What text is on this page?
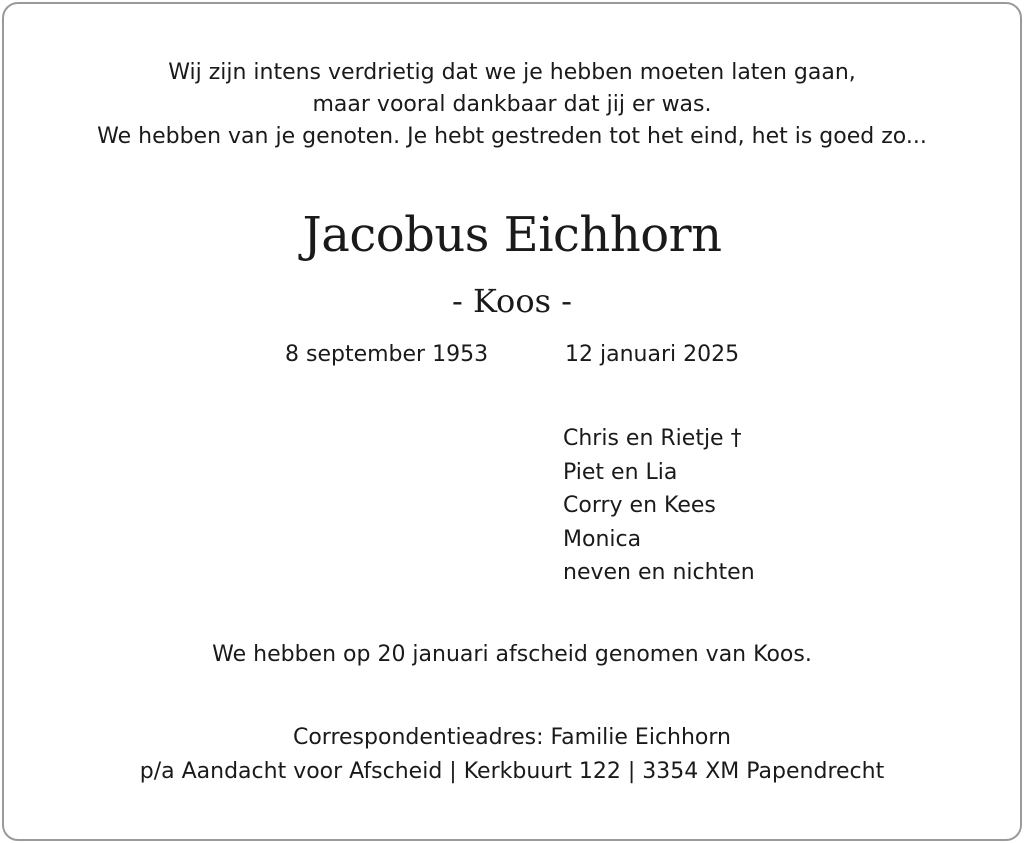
Wij zijn intens verdrietig dat we je hebben moeten laten gaan,
maar vooral dankbaar dat jij er was.
We hebben van je genoten. Je hebt gestreden tot het eind, het is goed zo...
Jacobus Eichhorn
- Koos -
8 september 1953	12 januari 2025
Chris en Rietje †
Piet en Lia
Corry en Kees
Monica
neven en nichten
We hebben op 20 januari afscheid genomen van Koos.
Correspondentieadres: Familie Eichhorn
p/a Aandacht voor Afscheid | Kerkbuurt 122 | 3354 XM Papendrecht
